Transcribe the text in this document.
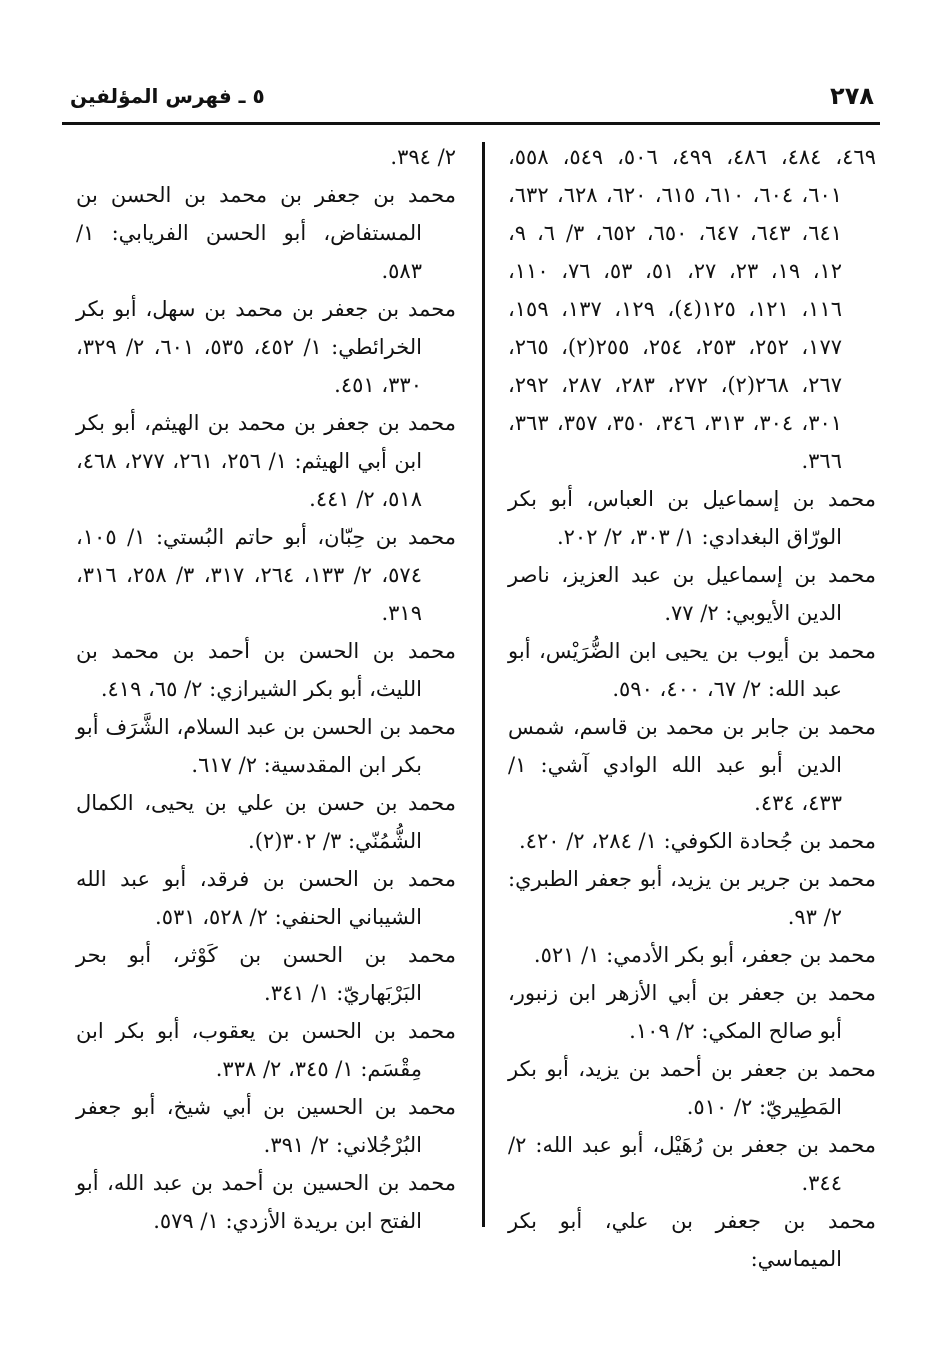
٢٧٨
٥ ـ فهرس المؤلفين

٤٦٩، ٤٨٤، ٤٨٦، ٤٩٩، ٥٠٦، ٥٤٩، ٥٥٨، ٦٠١، ٦٠٤، ٦١٠، ٦١٥، ٦٢٠، ٦٢٨، ٦٣٢، ٦٤١، ٦٤٣، ٦٤٧، ٦٥٠، ٦٥٢، ٣/ ٦، ٩، ١٢، ١٩، ٢٣، ٢٧، ٥١، ٥٣، ٧٦، ١١٠، ١١٦، ١٢١، ١٢٥(٤)، ١٢٩، ١٣٧، ١٥٩، ١٧٧، ٢٥٢، ٢٥٣، ٢٥٤، ٢٥٥(٢)، ٢٦٥، ٢٦٧، ٢٦٨(٢)، ٢٧٢، ٢٨٣، ٢٨٧، ٢٩٢، ٣٠١، ٣٠٤، ٣١٣، ٣٤٦، ٣٥٠، ٣٥٧، ٣٦٣، ٣٦٦.

محمد بن إسماعيل بن العباس، أبو بكر الورّاق البغدادي: ١/ ٣٠٣، ٢/ ٢٠٢.

محمد بن إسماعيل بن عبد العزيز، ناصر الدين الأيوبي: ٢/ ٧٧.

محمد بن أيوب بن يحيى ابن الضُّرَيْس، أبو عبد الله: ٢/ ٦٧، ٤٠٠، ٥٩٠.

محمد بن جابر بن محمد بن قاسم، شمس الدين أبو عبد الله الوادي آشي: ١/ ٤٣٣، ٤٣٤.

محمد بن جُحادة الكوفي: ١/ ٢٨٤، ٢/ ٤٢٠.

محمد بن جرير بن يزيد، أبو جعفر الطبري: ٢/ ٩٣.

محمد بن جعفر، أبو بكر الأدمي: ١/ ٥٢١.

محمد بن جعفر بن أبي الأزهر ابن زنبور، أبو صالح المكي: ٢/ ١٠٩.

محمد بن جعفر بن أحمد بن يزيد، أبو بكر المَطِيريّ: ٢/ ٥١٠.

محمد بن جعفر بن رُهَيْل، أبو عبد الله: ٢/ ٣٤٤.

محمد بن جعفر بن علي، أبو بكر الميماسي:

٢/ ٣٩٤.

محمد بن جعفر بن محمد بن الحسن بن المستفاض، أبو الحسن الفريابي: ١/ ٥٨٣.

محمد بن جعفر بن محمد بن سهل، أبو بكر الخرائطي: ١/ ٤٥٢، ٥٣٥، ٦٠١، ٢/ ٣٢٩، ٣٣٠، ٤٥١.

محمد بن جعفر بن محمد بن الهيثم، أبو بكر ابن أبي الهيثم: ١/ ٢٥٦، ٢٦١، ٢٧٧، ٤٦٨، ٥١٨، ٢/ ٤٤١.

محمد بن حِبّان، أبو حاتم البُستي: ١/ ١٠٥، ٥٧٤، ٢/ ١٣٣، ٢٦٤، ٣١٧، ٣/ ٢٥٨، ٣١٦، ٣١٩.

محمد بن الحسن بن أحمد بن محمد بن الليث، أبو بكر الشيرازي: ٢/ ٦٥، ٤١٩.

محمد بن الحسن بن عبد السلام، الشَّرَف أبو بكر ابن المقدسية: ٢/ ٦١٧.

محمد بن حسن بن علي بن يحيى، الكمال الشُّمُنّي: ٣/ ٣٠٢(٢).

محمد بن الحسن بن فرقد، أبو عبد الله الشيباني الحنفي: ٢/ ٥٢٨، ٥٣١.

محمد بن الحسن بن كَوْثر، أبو بحر البَرْبَهاريّ: ١/ ٣٤١.

محمد بن الحسن بن يعقوب، أبو بكر ابن مِقْسَم: ١/ ٣٤٥، ٢/ ٣٣٨.

محمد بن الحسين بن أبي شيخ، أبو جعفر البُرْجُلاني: ٢/ ٣٩١.

محمد بن الحسين بن أحمد بن عبد الله، أبو الفتح ابن بريدة الأزدي: ١/ ٥٧٩.
